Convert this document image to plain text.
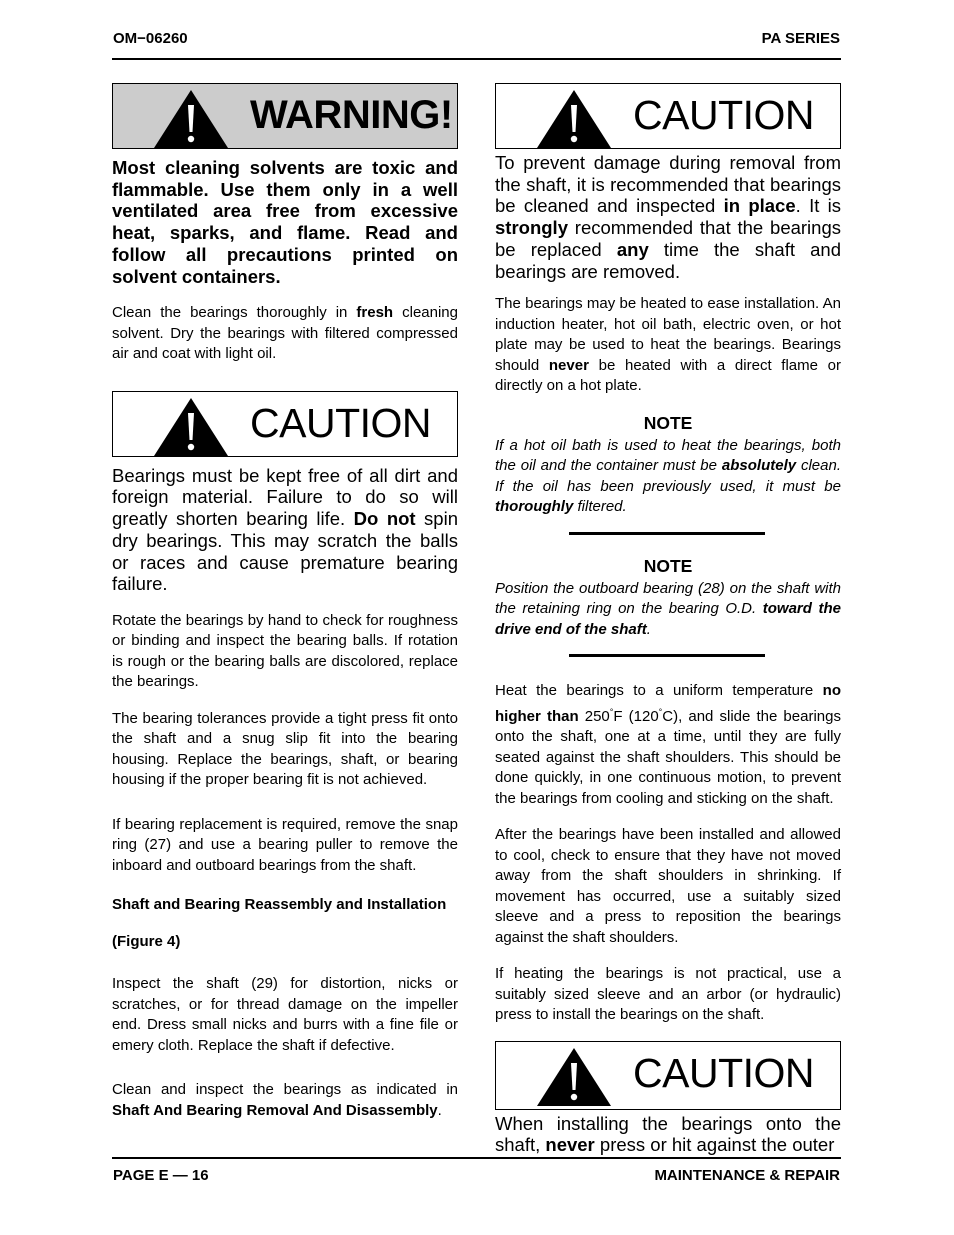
OM−06260	PA SERIES
WARNING!
Most cleaning solvents are toxic and flammable. Use them only in a well ventilated area free from excessive heat, sparks, and flame. Read and follow all precautions printed on solvent containers.

Clean the bearings thoroughly in fresh cleaning solvent. Dry the bearings with filtered compressed air and coat with light oil.

CAUTION
Bearings must be kept free of all dirt and foreign material. Failure to do so will greatly shorten bearing life. Do not spin dry bearings. This may scratch the balls or races and cause premature bearing failure.

Rotate the bearings by hand to check for roughness or binding and inspect the bearing balls. If rotation is rough or the bearing balls are discolored, replace the bearings.

The bearing tolerances provide a tight press fit onto the shaft and a snug slip fit into the bearing housing. Replace the bearings, shaft, or bearing housing if the proper bearing fit is not achieved.

If bearing replacement is required, remove the snap ring (27) and use a bearing puller to remove the inboard and outboard bearings from the shaft.

Shaft and Bearing Reassembly and Installation

(Figure 4)

Inspect the shaft (29) for distortion, nicks or scratches, or for thread damage on the impeller end. Dress small nicks and burrs with a fine file or emery cloth. Replace the shaft if defective.

Clean and inspect the bearings as indicated in Shaft And Bearing Removal And Disassembly.

CAUTION
To prevent damage during removal from the shaft, it is recommended that bearings be cleaned and inspected in place. It is strongly recommended that the bearings be replaced any time the shaft and bearings are removed.

The bearings may be heated to ease installation. An induction heater, hot oil bath, electric oven, or hot plate may be used to heat the bearings. Bearings should never be heated with a direct flame or directly on a hot plate.

NOTE

If a hot oil bath is used to heat the bearings, both the oil and the container must be absolutely clean. If the oil has been previously used, it must be thoroughly filtered.

NOTE

Position the outboard bearing (28) on the shaft with the retaining ring on the bearing O.D. toward the drive end of the shaft.

Heat the bearings to a uniform temperature no higher than 250°F (120°C), and slide the bearings onto the shaft, one at a time, until they are fully seated against the shaft shoulders. This should be done quickly, in one continuous motion, to prevent the bearings from cooling and sticking on the shaft.

After the bearings have been installed and allowed to cool, check to ensure that they have not moved away from the shaft shoulders in shrinking. If movement has occurred, use a suitably sized sleeve and a press to reposition the bearings against the shaft shoulders.

If heating the bearings is not practical, use a suitably sized sleeve and an arbor (or hydraulic) press to install the bearings on the shaft.

CAUTION
When installing the bearings onto the shaft, never press or hit against the outer
PAGE E — 16	MAINTENANCE & REPAIR
